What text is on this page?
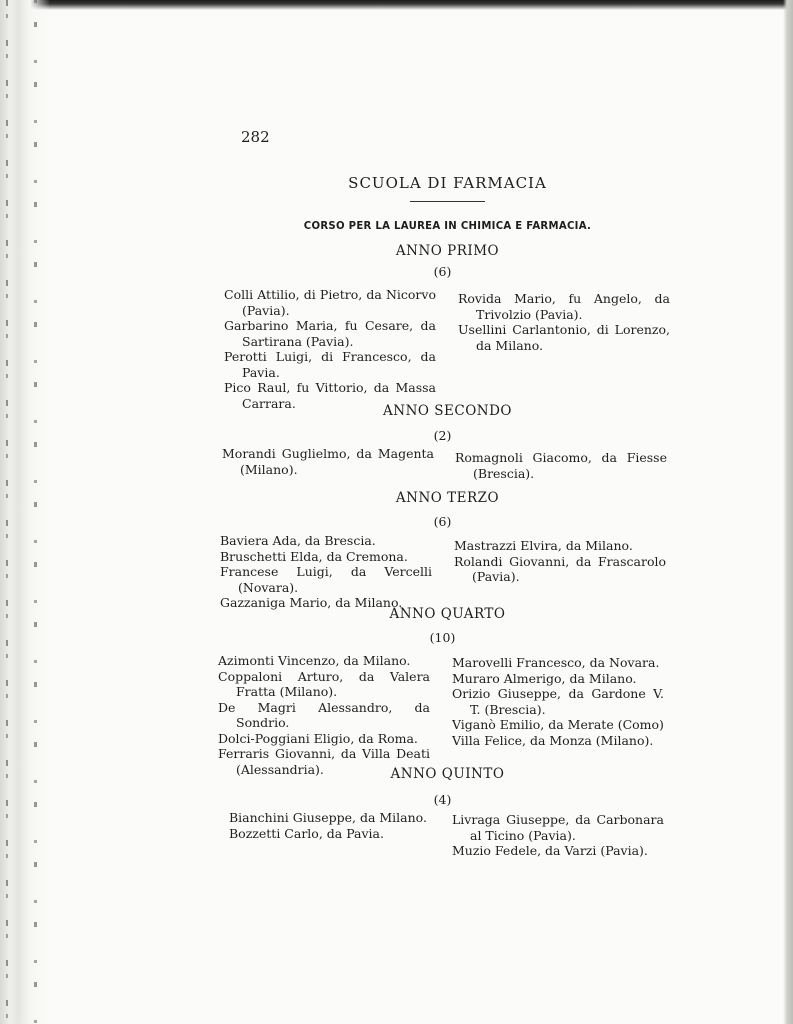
282
SCUOLA DI FARMACIA
CORSO PER LA LAUREA IN CHIMICA E FARMACIA.
ANNO PRIMO
(6)
Colli Attilio, di Pietro, da Nicorvo (Pavia).
Garbarino Maria, fu Cesare, da Sartirana (Pavia).
Perotti Luigi, di Francesco, da Pavia.
Pico Raul, fu Vittorio, da Massa Carrara.
Rovida Mario, fu Angelo, da Trivolzio (Pavia).
Usellini Carlantonio, di Lorenzo, da Milano.
ANNO SECONDO
(2)
Morandi Guglielmo, da Magenta (Milano).
Romagnoli Giacomo, da Fiesse (Brescia).
ANNO TERZO
(6)
Baviera Ada, da Brescia.
Bruschetti Elda, da Cremona.
Francese Luigi, da Vercelli (Novara).
Gazzaniga Mario, da Milano.
Mastrazzi Elvira, da Milano.
Rolandi Giovanni, da Frascarolo (Pavia).
ANNO QUARTO
(10)
Azimonti Vincenzo, da Milano.
Coppaloni Arturo, da Valera Fratta (Milano).
De Magri Alessandro, da Sondrio.
Dolci-Poggiani Eligio, da Roma.
Ferraris Giovanni, da Villa Deati (Alessandria).
Marovelli Francesco, da Novara.
Muraro Almerigo, da Milano.
Orizio Giuseppe, da Gardone V. T. (Brescia).
Viganò Emilio, da Merate (Como)
Villa Felice, da Monza (Milano).
ANNO QUINTO
(4)
Bianchini Giuseppe, da Milano.
Bozzetti Carlo, da Pavia.
Livraga Giuseppe, da Carbonara al Ticino (Pavia).
Muzio Fedele, da Varzi (Pavia).
